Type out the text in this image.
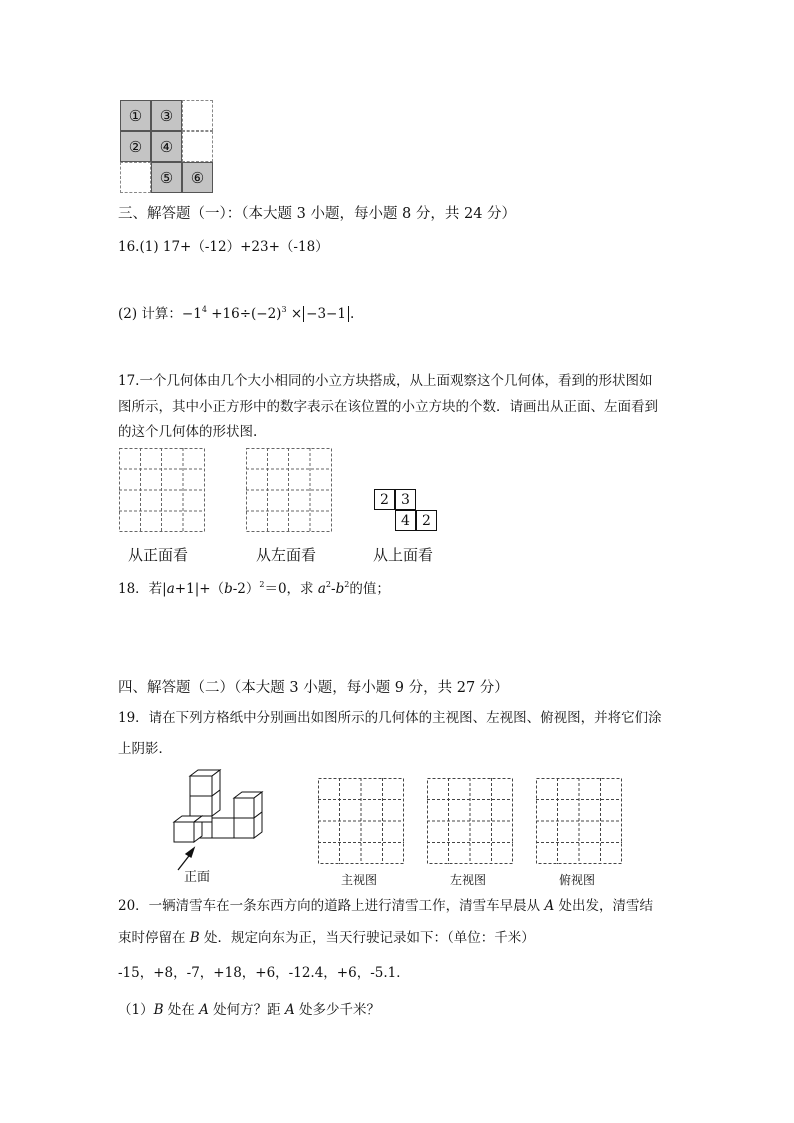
①	③
②	④
⑤	⑥
三、解答题（一）：（本大题 3 小题，每小题 8 分，共 24 分）
16.(1) 17+（-12）+23+（-18）
(2) 计算：$-1^4 +16\div(-2)^3 \times -3-1$ .
17.一个几何体由几个大小相同的小立方块搭成，从上面观察这个几何体，看到的形状图如
图所示，其中小正方形中的数字表示在该位置的小立方块的个数．请画出从正面、左面看到
的这个几何体的形状图.
2 3
4 2
从正面看	从左面看	从上面看
18．若$|a+1|+(b-2)^2=0$，求 $a^2-b^2$的值；
四、解答题（二）（本大题 3 小题，每小题 9 分，共 27 分）
19．请在下列方格纸中分别画出如图所示的几何体的主视图、左视图、俯视图，并将它们涂
上阴影．
正面	主视图	左视图	俯视图
20．一辆清雪车在一条东西方向的道路上进行清雪工作，清雪车早晨从 A 处出发，清雪结
束时停留在 B 处．规定向东为正，当天行驶记录如下：（单位：千米）
-15，+8，-7，+18，+6，-12.4，+6，-5.1．
（1）B 处在 A 处何方？距 A 处多少千米？
